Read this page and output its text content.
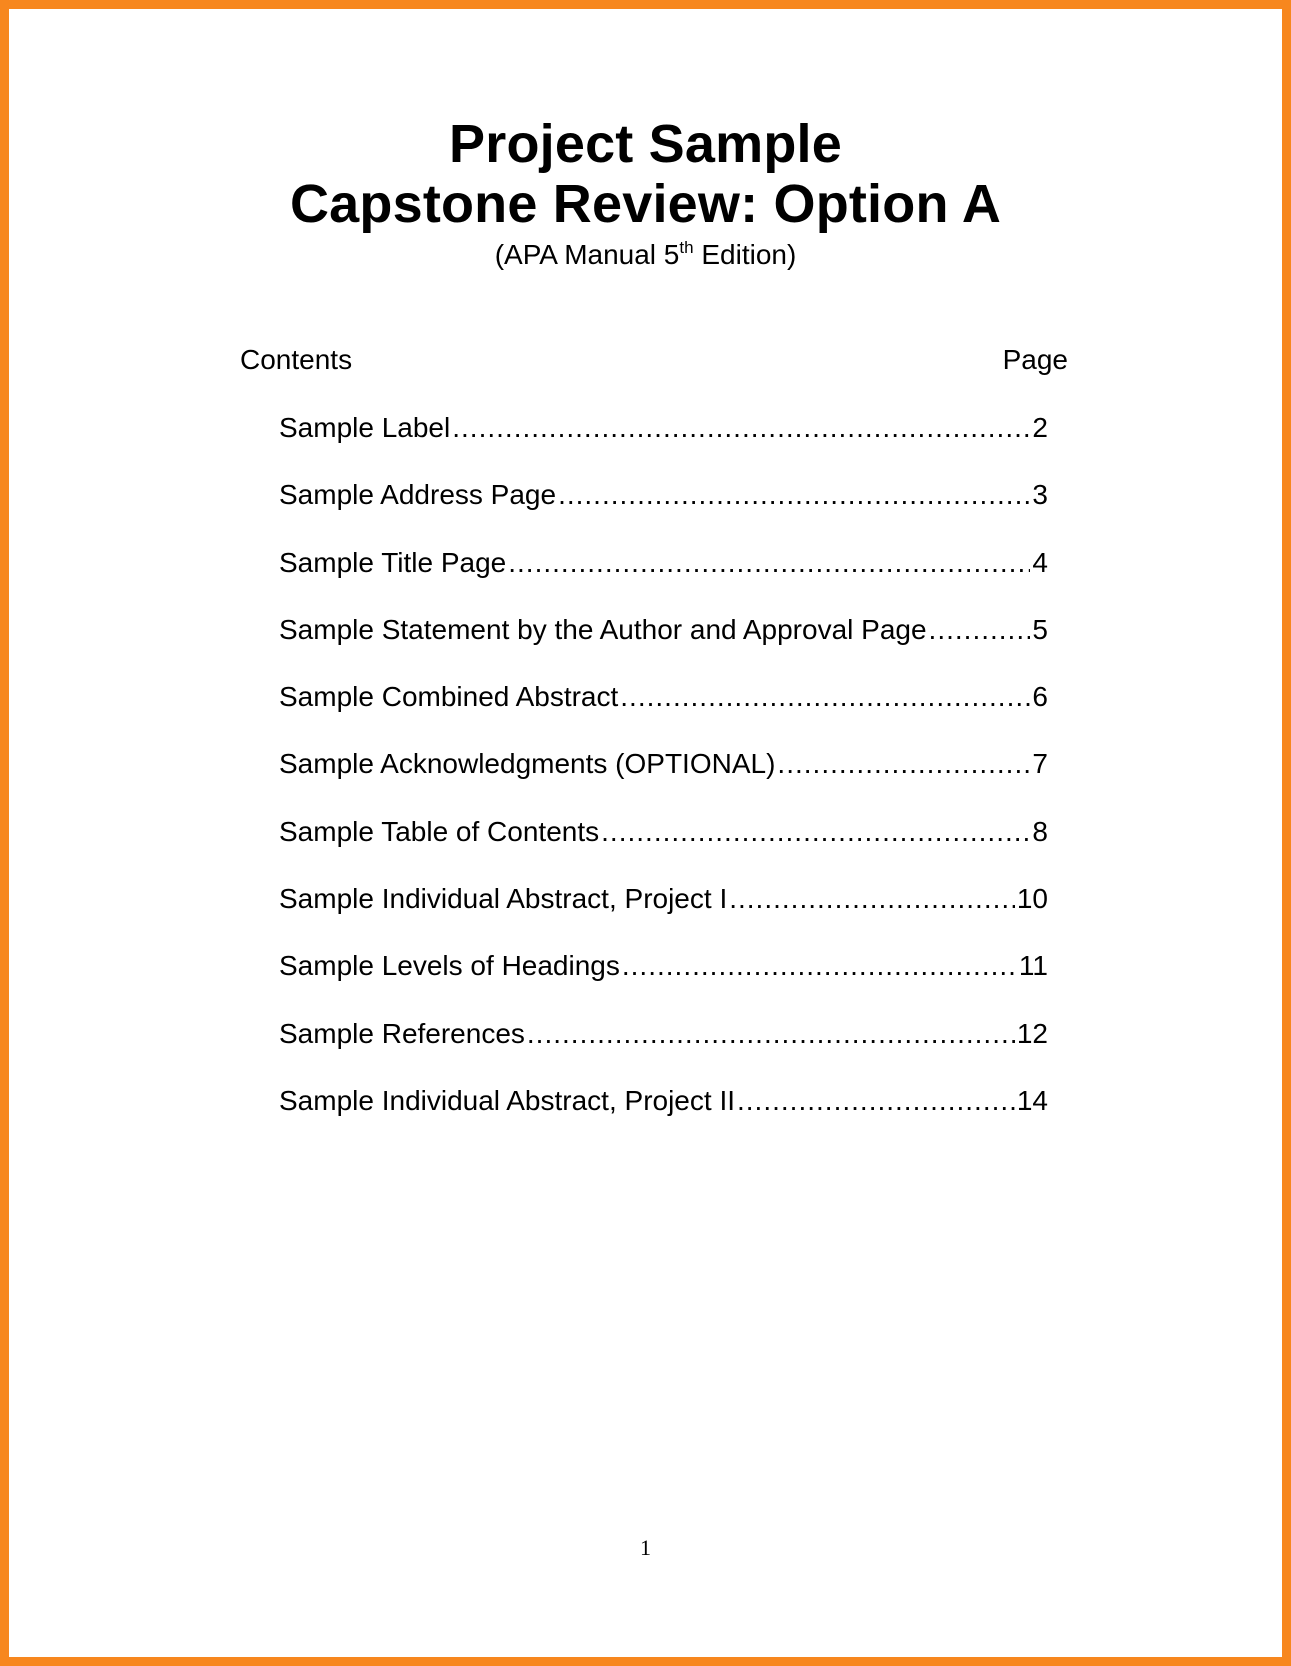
Project Sample
Capstone Review: Option A
(APA Manual 5th Edition)
Contents	Page
Sample Label .....	2
Sample Address Page .....	3
Sample Title Page .....	4
Sample Statement by the Author and Approval Page .....	5
Sample Combined Abstract .....	6
Sample Acknowledgments (OPTIONAL) .....	7
Sample Table of Contents .....	8
Sample Individual Abstract, Project I .....	10
Sample Levels of Headings .....	11
Sample References .....	12
Sample Individual Abstract, Project II .....	14
1
